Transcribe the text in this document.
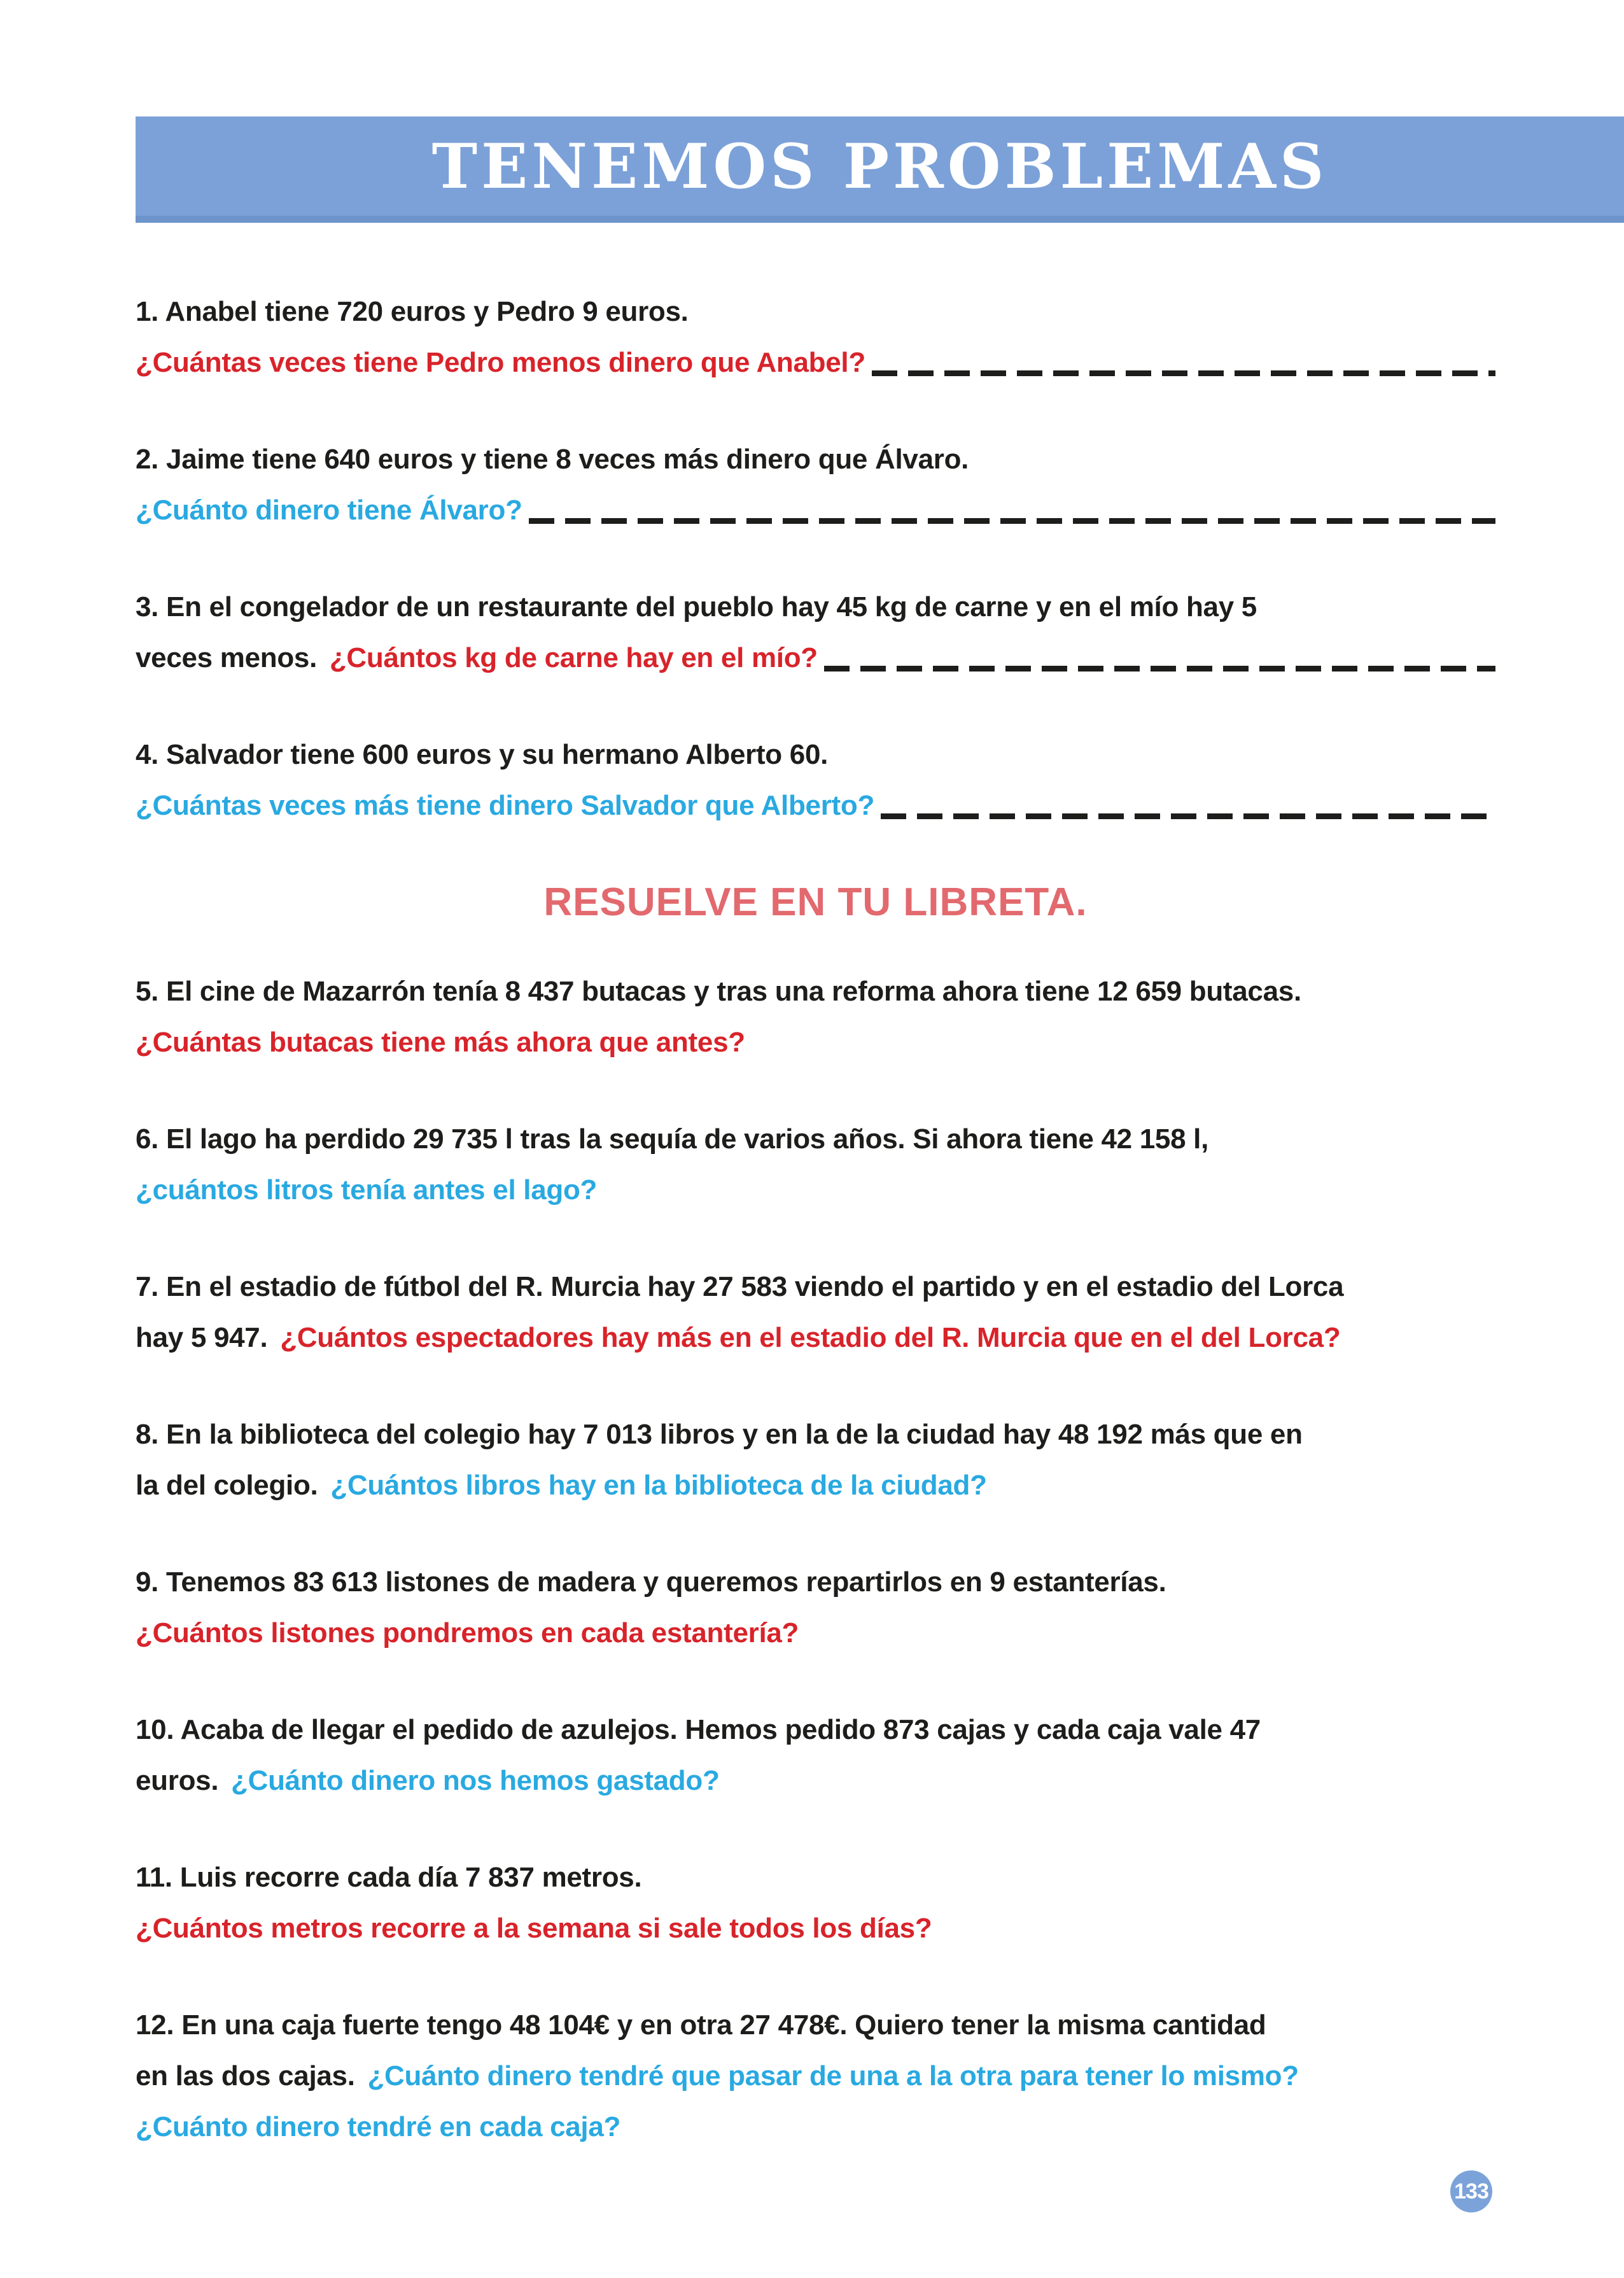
TENEMOS PROBLEMAS
1. Anabel tiene 720 euros y Pedro 9 euros.
¿Cuántas veces tiene Pedro menos dinero que Anabel?
2. Jaime tiene 640 euros y tiene 8 veces más dinero que Álvaro.
¿Cuánto dinero tiene Álvaro?
3. En el congelador de un restaurante del pueblo hay 45 kg de carne y en el mío hay 5
veces menos. ¿Cuántos kg de carne hay en el mío?
4. Salvador tiene 600 euros y su hermano Alberto 60.
¿Cuántas veces más tiene dinero Salvador que Alberto?
RESUELVE EN TU LIBRETA.
5. El cine de Mazarrón tenía 8 437 butacas y tras una reforma ahora tiene 12 659 butacas.
¿Cuántas butacas tiene más ahora que antes?
6. El lago ha perdido 29 735 l tras la sequía de varios años. Si ahora tiene 42 158 l,
¿cuántos litros tenía antes el lago?
7. En el estadio de fútbol del R. Murcia hay 27 583 viendo el partido y en el estadio del Lorca
hay 5 947. ¿Cuántos espectadores hay más en el estadio del R. Murcia que en el del Lorca?
8. En la biblioteca del colegio hay 7 013 libros y en la de la ciudad hay 48 192 más que en
la del colegio. ¿Cuántos libros hay en la biblioteca de la ciudad?
9. Tenemos 83 613 listones de madera y queremos repartirlos en 9 estanterías.
¿Cuántos listones pondremos en cada estantería?
10. Acaba de llegar el pedido de azulejos. Hemos pedido 873 cajas y cada caja vale 47
euros. ¿Cuánto dinero nos hemos gastado?
11. Luis recorre cada día 7 837 metros.
¿Cuántos metros recorre a la semana si sale todos los días?
12. En una caja fuerte tengo 48 104€ y en otra 27 478€. Quiero tener la misma cantidad
en las dos cajas. ¿Cuánto dinero tendré que pasar de una a la otra para tener lo mismo?
¿Cuánto dinero tendré en cada caja?
133
